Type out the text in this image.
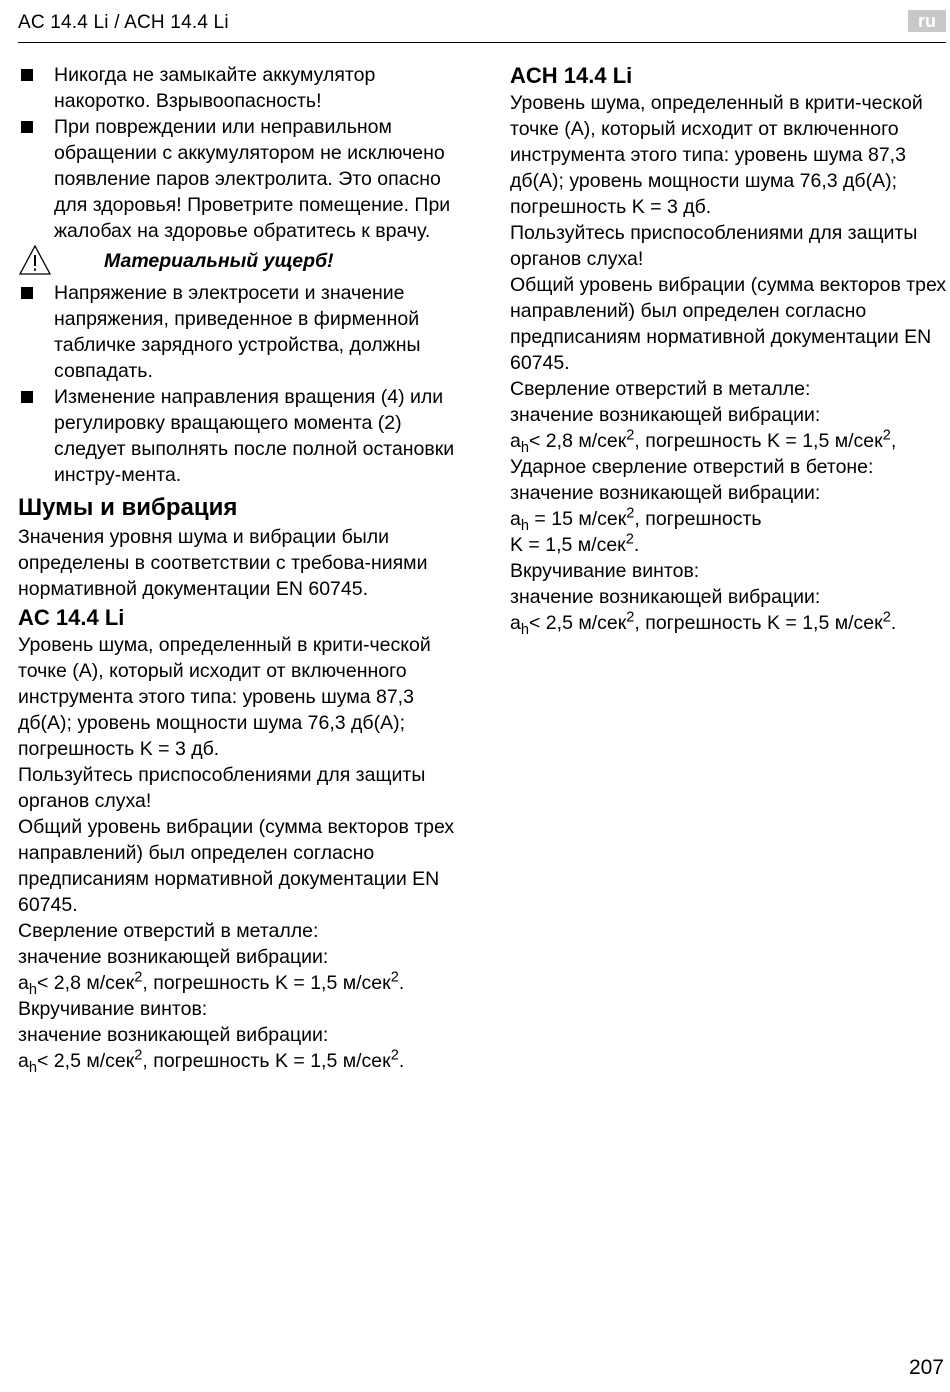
AC 14.4 Li / ACH 14.4 Li	ru

Никогда не замыкайте аккумулятор накоротко. Взрывоопасность!

При повреждении или неправильном обращении с аккумулятором не исключено появление паров электролита. Это опасно для здоровья! Проветрите помещение. При жалобах на здоровье обратитесь к врачу.

Материальный ущерб!

Напряжение в электросети и значение напряжения, приведенное в фирменной табличке зарядного устройства, должны совпадать.

Изменение направления вращения (4) или регулировку вращающего момента (2) следует выполнять после полной остановки инстру-мента.

Шумы и вибрация

Значения уровня шума и вибрации были определены в соответствии с требова-ниями нормативной документации EN 60745.

AC 14.4 Li

Уровень шума, определенный в крити-ческой точке (A), который исходит от включенного инструмента этого типа: уровень шума 87,3 дб(A); уровень мощности шума 76,3 дб(A); погрешность K = 3 дб.

Пользуйтесь приспособлениями для защиты органов слуха!

Общий уровень вибрации (сумма векторов трех направлений) был определен согласно предписаниям нормативной документации EN 60745.

Сверление отверстий в металле:

значение возникающей вибрации:

$a_h< 2,8$ м/сек$^2$, погрешность K = 1,5 м/сек$^2$.

Вкручивание винтов:

значение возникающей вибрации:

$a_h< 2,5$ м/сек$^2$, погрешность K = 1,5 м/сек$^2$.

ACH 14.4 Li

Уровень шума, определенный в крити-ческой точке (A), который исходит от включенного инструмента этого типа: уровень шума 87,3 дб(A); уровень мощности шума 76,3 дб(A); погрешность K = 3 дб.

Пользуйтесь приспособлениями для защиты органов слуха!

Общий уровень вибрации (сумма векторов трех направлений) был определен согласно предписаниям нормативной документации EN 60745.

Сверление отверстий в металле:

значение возникающей вибрации:

$a_h< 2,8$ м/сек$^2$, погрешность K = 1,5 м/сек$^2$,

Ударное сверление отверстий в бетоне:

значение возникающей вибрации:

$a_h = 15$ м/сек$^2$, погрешность

K = 1,5 м/сек$^2$.

Вкручивание винтов:

значение возникающей вибрации:

$a_h< 2,5$ м/сек$^2$, погрешность K = 1,5 м/сек$^2$.

207
